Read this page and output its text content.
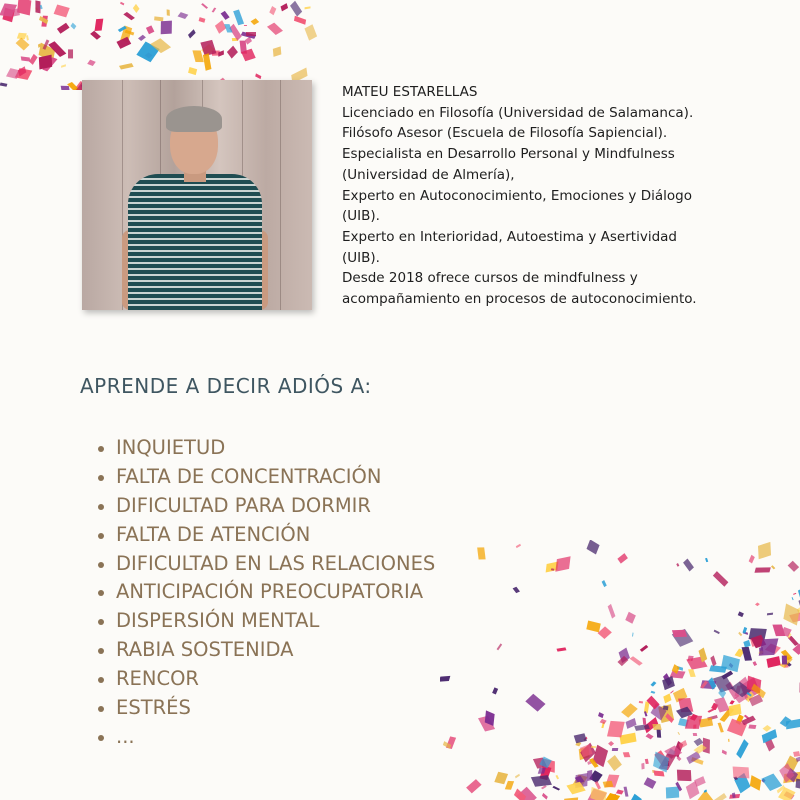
MATEU ESTARELLAS
Licenciado en Filosofía (Universidad de Salamanca).
Filósofo Asesor (Escuela de Filosofía Sapiencial).
Especialista en Desarrollo Personal y Mindfulness
(Universidad de Almería),
Experto en Autoconocimiento, Emociones y Diálogo
(UIB).
Experto en Interioridad, Autoestima y Asertividad
(UIB).
Desde 2018 ofrece cursos de mindfulness y
acompañamiento en procesos de autoconocimiento.
APRENDE A DECIR ADIÓS A:
INQUIETUD
FALTA DE CONCENTRACIÓN
DIFICULTAD PARA DORMIR
FALTA DE ATENCIÓN
DIFICULTAD EN LAS RELACIONES
ANTICIPACIÓN PREOCUPATORIA
DISPERSIÓN MENTAL
RABIA SOSTENIDA
RENCOR
ESTRÉS
...
